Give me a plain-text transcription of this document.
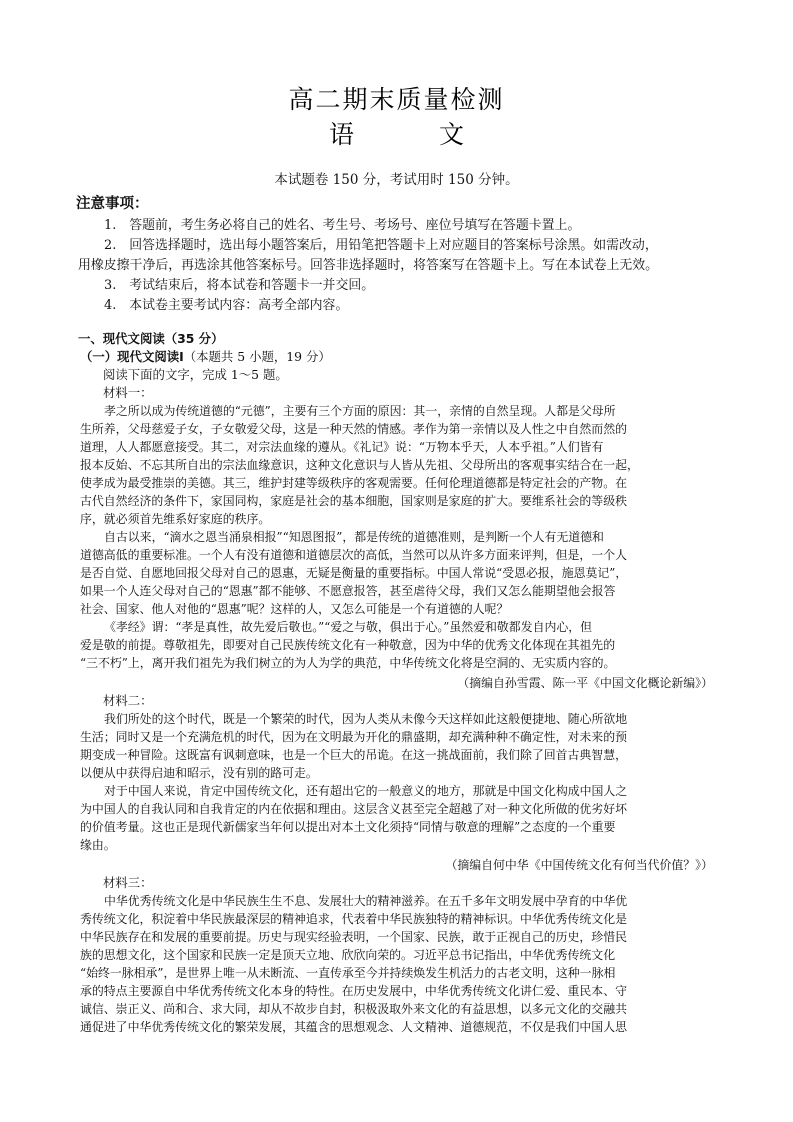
高二期末质量检测
语　文
本试题卷 150 分，考试用时 150 分钟。
注意事项：
1.　答题前，考生务必将自己的姓名、考生号、考场号、座位号填写在答题卡置上。
2.　回答选择题时，选出每小题答案后，用铅笔把答题卡上对应题目的答案标号涂黑。如需改动，
用橡皮擦干净后，再选涂其他答案标号。回答非选择题时，将答案写在答题卡上。写在本试卷上无效。
3.　考试结束后，将本试卷和答题卡一并交回。
4.　本试卷主要考试内容：高考全部内容。
一、现代文阅读（35 分）
（一）现代文阅读Ⅰ（本题共 5 小题，19 分）
阅读下面的文字，完成 1～5 题。
材料一：
孝之所以成为传统道德的“元德”，主要有三个方面的原因：其一，亲情的自然呈现。人都是父母所
生所养，父母慈爱子女，子女敬爱父母，这是一种天然的情感。孝作为第一亲情以及人性之中自然而然的
道理，人人都愿意接受。其二，对宗法血缘的遵从。《礼记》说：“万物本乎天，人本乎祖。”人们皆有
报本反始、不忘其所自出的宗法血缘意识，这种文化意识与人皆从先祖、父母所出的客观事实结合在一起，
使孝成为最受推崇的美德。其三，维护封建等级秩序的客观需要。任何伦理道德都是特定社会的产物。在
古代自然经济的条件下，家国同构，家庭是社会的基本细胞，国家则是家庭的扩大。要维系社会的等级秩
序，就必须首先维系好家庭的秩序。
自古以来，“滴水之恩当涌泉相报”“知恩图报”，都是传统的道德准则，是判断一个人有无道德和
道德高低的重要标准。一个人有没有道德和道德层次的高低，当然可以从许多方面来评判，但是，一个人
是否自觉、自愿地回报父母对自己的恩惠，无疑是衡量的重要指标。中国人常说“受恩必报，施恩莫记”，
如果一个人连父母对自己的“恩惠”都不能够、不愿意报答，甚至虐待父母，我们又怎么能期望他会报答
社会、国家、他人对他的“恩惠”呢？这样的人，又怎么可能是一个有道德的人呢？
《孝经》谓：“孝是真性，故先爱后敬也。”“爱之与敬，俱出于心。”虽然爱和敬都发自内心，但
爱是敬的前提。尊敬祖先，即要对自己民族传统文化有一种敬意，因为中华的优秀文化体现在其祖先的
“三不朽”上，离开我们祖先为我们树立的为人为学的典范，中华传统文化将是空洞的、无实质内容的。
（摘编自孙雪霞、陈一平《中国文化概论新编》）
材料二：
我们所处的这个时代，既是一个繁荣的时代，因为人类从未像今天这样如此这般便捷地、随心所欲地
生活；同时又是一个充满危机的时代，因为在文明最为开化的鼎盛期，却充满种种不确定性，对未来的预
期变成一种冒险。这既富有讽刺意味，也是一个巨大的吊诡。在这一挑战面前，我们除了回首古典智慧，
以便从中获得启迪和昭示，没有别的路可走。
对于中国人来说，肯定中国传统文化，还有超出它的一般意义的地方，那就是中国文化构成中国人之
为中国人的自我认同和自我肯定的内在依据和理由。这层含义甚至完全超越了对一种文化所做的优劣好坏
的价值考量。这也正是现代新儒家当年何以提出对本土文化须持“同情与敬意的理解”之态度的一个重要
缘由。
（摘编自何中华《中国传统文化有何当代价值？》）
材料三：
中华优秀传统文化是中华民族生生不息、发展壮大的精神滋养。在五千多年文明发展中孕育的中华优
秀传统文化，积淀着中华民族最深层的精神追求，代表着中华民族独特的精神标识。中华优秀传统文化是
中华民族存在和发展的重要前提。历史与现实经验表明，一个国家、民族，敢于正视自己的历史，珍惜民
族的思想文化，这个国家和民族一定是顶天立地、欣欣向荣的。习近平总书记指出，中华优秀传统文化
“始终一脉相承”，是世界上唯一从未断流、一直传承至今并持续焕发生机活力的古老文明，这种一脉相
承的特点主要源自中华优秀传统文化本身的特性。在历史发展中，中华优秀传统文化讲仁爱、重民本、守
诚信、崇正义、尚和合、求大同，却从不故步自封，积极汲取外来文化的有益思想，以多元文化的交融共
通促进了中华优秀传统文化的繁荣发展，其蕴含的思想观念、人文精神、道德规范，不仅是我们中国人思
